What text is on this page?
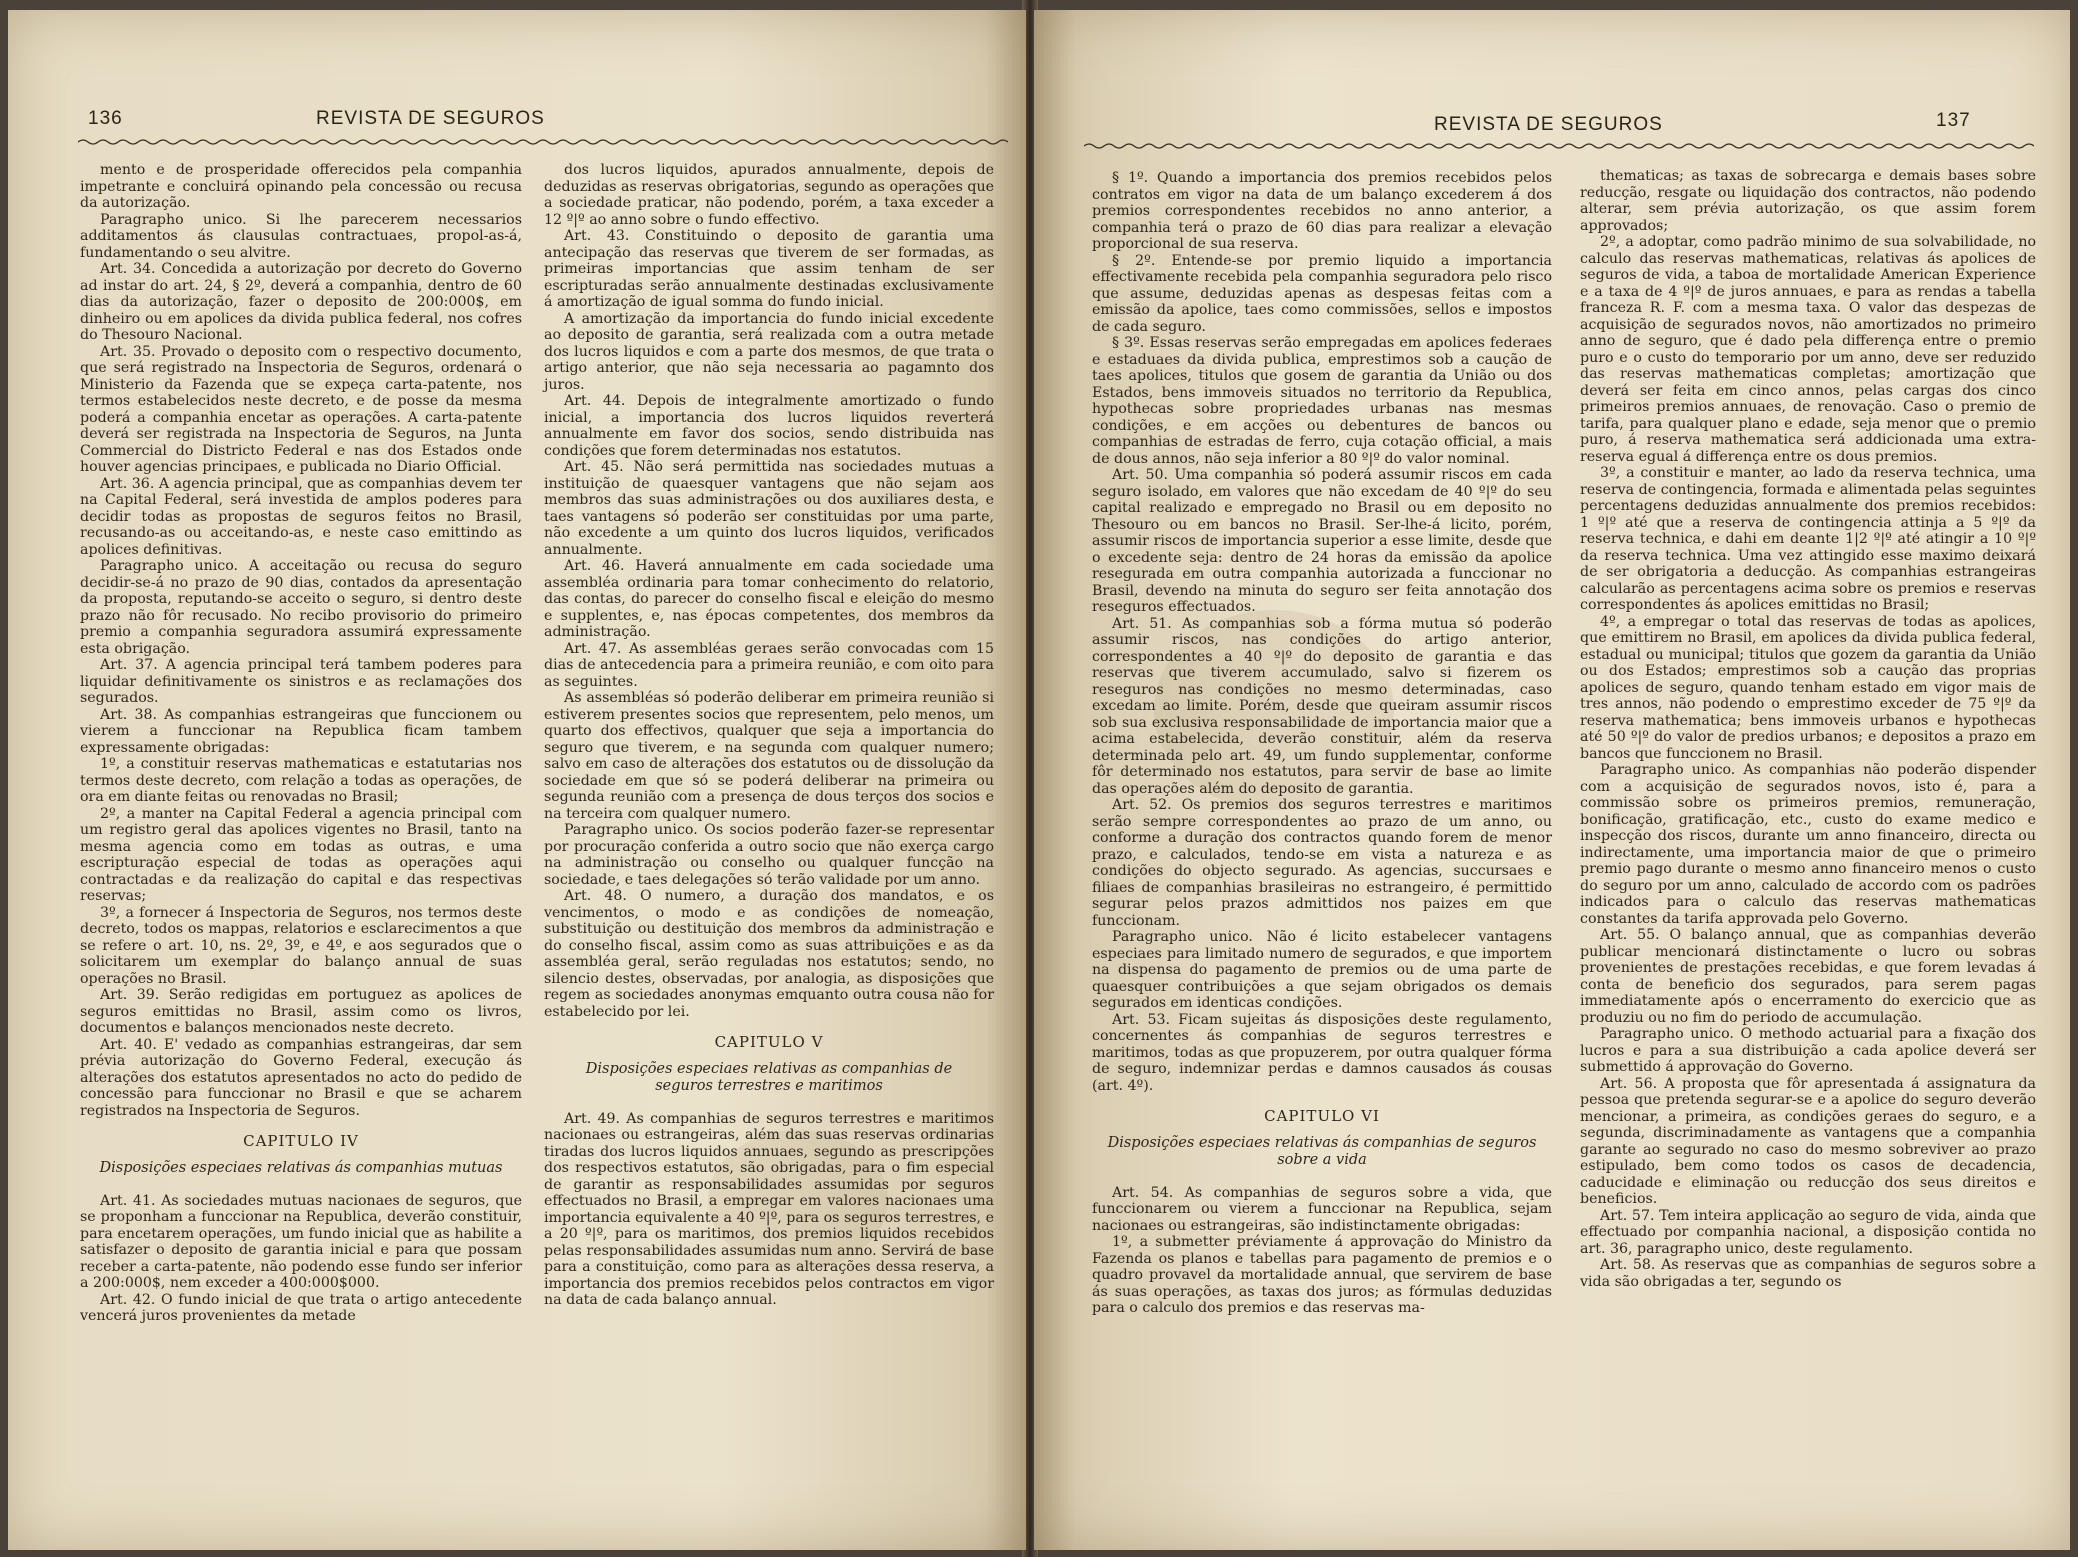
136	REVISTA DE SEGUROS

mento e de prosperidade offerecidos pela companhia impetrante e concluirá opinando pela concessão ou recusa da autorização.

Paragrapho unico. Si lhe parecerem necessarios additamentos ás clausulas contractuaes, propol-as-á, fundamentando o seu alvitre.

Art. 34. Concedida a autorização por decreto do Governo ad instar do art. 24, § 2º, deverá a companhia, dentro de 60 dias da autorização, fazer o deposito de 200:000$, em dinheiro ou em apolices da divida publica federal, nos cofres do Thesouro Nacional.

Art. 35. Provado o deposito com o respectivo documento, que será registrado na Inspectoria de Seguros, ordenará o Ministerio da Fazenda que se expeça carta-patente, nos termos estabelecidos neste decreto, e de posse da mesma poderá a companhia encetar as operações. A carta-patente deverá ser registrada na Inspectoria de Seguros, na Junta Commercial do Districto Federal e nas dos Estados onde houver agencias principaes, e publicada no Diario Official.

Art. 36. A agencia principal, que as companhias devem ter na Capital Federal, será investida de amplos poderes para decidir todas as propostas de seguros feitos no Brasil, recusando-as ou acceitando-as, e neste caso emittindo as apolices definitivas.

Paragrapho unico. A acceitação ou recusa do seguro decidir-se-á no prazo de 90 dias, contados da apresentação da proposta, reputando-se acceito o seguro, si dentro deste prazo não fôr recusado. No recibo provisorio do primeiro premio a companhia seguradora assumirá expressamente esta obrigação.

Art. 37. A agencia principal terá tambem poderes para liquidar definitivamente os sinistros e as reclamações dos segurados.

Art. 38. As companhias estrangeiras que funccionem ou vierem a funccionar na Republica ficam tambem expressamente obrigadas:

1º, a constituir reservas mathematicas e estatutarias nos termos deste decreto, com relação a todas as operações, de ora em diante feitas ou renovadas no Brasil;

2º, a manter na Capital Federal a agencia principal com um registro geral das apolices vigentes no Brasil, tanto na mesma agencia como em todas as outras, e uma escripturação especial de todas as operações aqui contractadas e da realização do capital e das respectivas reservas;

3º, a fornecer á Inspectoria de Seguros, nos termos deste decreto, todos os mappas, relatorios e esclarecimentos a que se refere o art. 10, ns. 2º, 3º, e 4º, e aos segurados que o solicitarem um exemplar do balanço annual de suas operações no Brasil.

Art. 39. Serão redigidas em portuguez as apolices de seguros emittidas no Brasil, assim como os livros, documentos e balanços mencionados neste decreto.

Art. 40. E' vedado as companhias estrangeiras, dar sem prévia autorização do Governo Federal, execução ás alterações dos estatutos apresentados no acto do pedido de concessão para funccionar no Brasil e que se acharem registrados na Inspectoria de Seguros.

CAPITULO IV
Disposições especiaes relativas ás companhias mutuas

Art. 41. As sociedades mutuas nacionaes de seguros, que se proponham a funccionar na Republica, deverão constituir, para encetarem operações, um fundo inicial que as habilite a satisfazer o deposito de garantia inicial e para que possam receber a carta-patente, não podendo esse fundo ser inferior a 200:000$, nem exceder a 400:000$000.

Art. 42. O fundo inicial de que trata o artigo antecedente vencerá juros provenientes da metade

dos lucros liquidos, apurados annualmente, depois de deduzidas as reservas obrigatorias, segundo as operações que a sociedade praticar, não podendo, porém, a taxa exceder a 12 º|º ao anno sobre o fundo effectivo.

Art. 43. Constituindo o deposito de garantia uma antecipação das reservas que tiverem de ser formadas, as primeiras importancias que assim tenham de ser escripturadas serão annualmente destinadas exclusivamente á amortização de igual somma do fundo inicial.

A amortização da importancia do fundo inicial excedente ao deposito de garantia, será realizada com a outra metade dos lucros liquidos e com a parte dos mesmos, de que trata o artigo anterior, que não seja necessaria ao pagamnto dos juros.

Art. 44. Depois de integralmente amortizado o fundo inicial, a importancia dos lucros liquidos reverterá annualmente em favor dos socios, sendo distribuida nas condições que forem determinadas nos estatutos.

Art. 45. Não será permittida nas sociedades mutuas a instituição de quaesquer vantagens que não sejam aos membros das suas administrações ou dos auxiliares desta, e taes vantagens só poderão ser constituidas por uma parte, não excedente a um quinto dos lucros liquidos, verificados annualmente.

Art. 46. Haverá annualmente em cada sociedade uma assembléa ordinaria para tomar conhecimento do relatorio, das contas, do parecer do conselho fiscal e eleição do mesmo e supplentes, e, nas épocas competentes, dos membros da administração.

Art. 47. As assembléas geraes serão convocadas com 15 dias de antecedencia para a primeira reunião, e com oito para as seguintes.

As assembléas só poderão deliberar em primeira reunião si estiverem presentes socios que representem, pelo menos, um quarto dos effectivos, qualquer que seja a importancia do seguro que tiverem, e na segunda com qualquer numero; salvo em caso de alterações dos estatutos ou de dissolução da sociedade em que só se poderá deliberar na primeira ou segunda reunião com a presença de dous terços dos socios e na terceira com qualquer numero.

Paragrapho unico. Os socios poderão fazer-se representar por procuração conferida a outro socio que não exerça cargo na administração ou conselho ou qualquer funcção na sociedade, e taes delegações só terão validade por um anno.

Art. 48. O numero, a duração dos mandatos, e os vencimentos, o modo e as condições de nomeação, substituição ou destituição dos membros da administração e do conselho fiscal, assim como as suas attribuições e as da assembléa geral, serão reguladas nos estatutos; sendo, no silencio destes, observadas, por analogia, as disposições que regem as sociedades anonymas emquanto outra cousa não for estabelecido por lei.

CAPITULO V
Disposições especiaes relativas as companhias de seguros terrestres e maritimos

Art. 49. As companhias de seguros terrestres e maritimos nacionaes ou estrangeiras, além das suas reservas ordinarias tiradas dos lucros liquidos annuaes, segundo as prescripções dos respectivos estatutos, são obrigadas, para o fim especial de garantir as responsabilidades assumidas por seguros effectuados no Brasil, a empregar em valores nacionaes uma importancia equivalente a 40 º|º, para os seguros terrestres, e a 20 º|º, para os maritimos, dos premios liquidos recebidos pelas responsabilidades assumidas num anno. Servirá de base para a constituição, como para as alterações dessa reserva, a importancia dos premios recebidos pelos contractos em vigor na data de cada balanço annual.

REVISTA DE SEGUROS	137

§ 1º. Quando a importancia dos premios recebidos pelos contratos em vigor na data de um balanço excederem á dos premios correspondentes recebidos no anno anterior, a companhia terá o prazo de 60 dias para realizar a elevação proporcional de sua reserva.

§ 2º. Entende-se por premio liquido a importancia effectivamente recebida pela companhia seguradora pelo risco que assume, deduzidas apenas as despesas feitas com a emissão da apolice, taes como commissões, sellos e impostos de cada seguro.

§ 3º. Essas reservas serão empregadas em apolices federaes e estaduaes da divida publica, emprestimos sob a caução de taes apolices, titulos que gosem de garantia da União ou dos Estados, bens immoveis situados no territorio da Republica, hypothecas sobre propriedades urbanas nas mesmas condições, e em acções ou debentures de bancos ou companhias de estradas de ferro, cuja cotação official, a mais de dous annos, não seja inferior a 80 º|º do valor nominal.

Art. 50. Uma companhia só poderá assumir riscos em cada seguro isolado, em valores que não excedam de 40 º|º do seu capital realizado e empregado no Brasil ou em deposito no Thesouro ou em bancos no Brasil. Ser-lhe-á licito, porém, assumir riscos de importancia superior a esse limite, desde que o excedente seja: dentro de 24 horas da emissão da apolice resegurada em outra companhia autorizada a funccionar no Brasil, devendo na minuta do seguro ser feita annotação dos reseguros effectuados.

Art. 51. As companhias sob a fórma mutua só poderão assumir riscos, nas condições do artigo anterior, correspondentes a 40 º|º do deposito de garantia e das reservas que tiverem accumulado, salvo si fizerem os reseguros nas condições no mesmo determinadas, caso excedam ao limite. Porém, desde que queiram assumir riscos sob sua exclusiva responsabilidade de importancia maior que a acima estabelecida, deverão constituir, além da reserva determinada pelo art. 49, um fundo supplementar, conforme fôr determinado nos estatutos, para servir de base ao limite das operações além do deposito de garantia.

Art. 52. Os premios dos seguros terrestres e maritimos serão sempre correspondentes ao prazo de um anno, ou conforme a duração dos contractos quando forem de menor prazo, e calculados, tendo-se em vista a natureza e as condições do objecto segurado. As agencias, succursaes e filiaes de companhias brasileiras no estrangeiro, é permittido segurar pelos prazos admittidos nos paizes em que funccionam.

Paragrapho unico. Não é licito estabelecer vantagens especiaes para limitado numero de segurados, e que importem na dispensa do pagamento de premios ou de uma parte de quaesquer contribuições a que sejam obrigados os demais segurados em identicas condições.

Art. 53. Ficam sujeitas ás disposições deste regulamento, concernentes ás companhias de seguros terrestres e maritimos, todas as que propuzerem, por outra qualquer fórma de seguro, indemnizar perdas e damnos causados ás cousas (art. 4º).

CAPITULO VI
Disposições especiaes relativas ás companhias de seguros sobre a vida

Art. 54. As companhias de seguros sobre a vida, que funccionarem ou vierem a funccionar na Republica, sejam nacionaes ou estrangeiras, são indistinctamente obrigadas:

1º, a submetter préviamente á approvação do Ministro da Fazenda os planos e tabellas para pagamento de premios e o quadro provavel da mortalidade annual, que servirem de base ás suas operações, as taxas dos juros; as fórmulas deduzidas para o calculo dos premios e das reservas ma-

thematicas; as taxas de sobrecarga e demais bases sobre reducção, resgate ou liquidação dos contractos, não podendo alterar, sem prévia autorização, os que assim forem approvados;

2º, a adoptar, como padrão minimo de sua solvabilidade, no calculo das reservas mathematicas, relativas ás apolices de seguros de vida, a taboa de mortalidade American Experience e a taxa de 4 º|º de juros annuaes, e para as rendas a tabella franceza R. F. com a mesma taxa. O valor das despezas de acquisição de segurados novos, não amortizados no primeiro anno de seguro, que é dado pela differença entre o premio puro e o custo do temporario por um anno, deve ser reduzido das reservas mathematicas completas; amortização que deverá ser feita em cinco annos, pelas cargas dos cinco primeiros premios annuaes, de renovação. Caso o premio de tarifa, para qualquer plano e edade, seja menor que o premio puro, á reserva mathematica será addicionada uma extra-reserva egual á differença entre os dous premios.

3º, a constituir e manter, ao lado da reserva technica, uma reserva de contingencia, formada e alimentada pelas seguintes percentagens deduzidas annualmente dos premios recebidos: 1 º|º até que a reserva de contingencia attinja a 5 º|º da reserva technica, e dahi em deante 1|2 º|º até atingir a 10 º|º da reserva technica. Uma vez attingido esse maximo deixará de ser obrigatoria a deducção. As companhias estrangeiras calcularão as percentagens acima sobre os premios e reservas correspondentes ás apolices emittidas no Brasil;

4º, a empregar o total das reservas de todas as apolices, que emittirem no Brasil, em apolices da divida publica federal, estadual ou municipal; titulos que gozem da garantia da União ou dos Estados; emprestimos sob a caução das proprias apolices de seguro, quando tenham estado em vigor mais de tres annos, não podendo o emprestimo exceder de 75 º|º da reserva mathematica; bens immoveis urbanos e hypothecas até 50 º|º do valor de predios urbanos; e depositos a prazo em bancos que funccionem no Brasil.

Paragrapho unico. As companhias não poderão dispender com a acquisição de segurados novos, isto é, para a commissão sobre os primeiros premios, remuneração, bonificação, gratificação, etc., custo do exame medico e inspecção dos riscos, durante um anno financeiro, directa ou indirectamente, uma importancia maior de que o primeiro premio pago durante o mesmo anno financeiro menos o custo do seguro por um anno, calculado de accordo com os padrões indicados para o calculo das reservas mathematicas constantes da tarifa approvada pelo Governo.

Art. 55. O balanço annual, que as companhias deverão publicar mencionará distinctamente o lucro ou sobras provenientes de prestações recebidas, e que forem levadas á conta de beneficio dos segurados, para serem pagas immediatamente após o encerramento do exercicio que as produziu ou no fim do periodo de accumulação.

Paragrapho unico. O methodo actuarial para a fixação dos lucros e para a sua distribuição a cada apolice deverá ser submettido á approvação do Governo.

Art. 56. A proposta que fôr apresentada á assignatura da pessoa que pretenda segurar-se e a apolice do seguro deverão mencionar, a primeira, as condições geraes do seguro, e a segunda, discriminadamente as vantagens que a companhia garante ao segurado no caso do mesmo sobreviver ao prazo estipulado, bem como todos os casos de decadencia, caducidade e eliminação ou reducção dos seus direitos e beneficios.

Art. 57. Tem inteira applicação ao seguro de vida, ainda que effectuado por companhia nacional, a disposição contida no art. 36, paragrapho unico, deste regulamento.

Art. 58. As reservas que as companhias de seguros sobre a vida são obrigadas a ter, segundo os
